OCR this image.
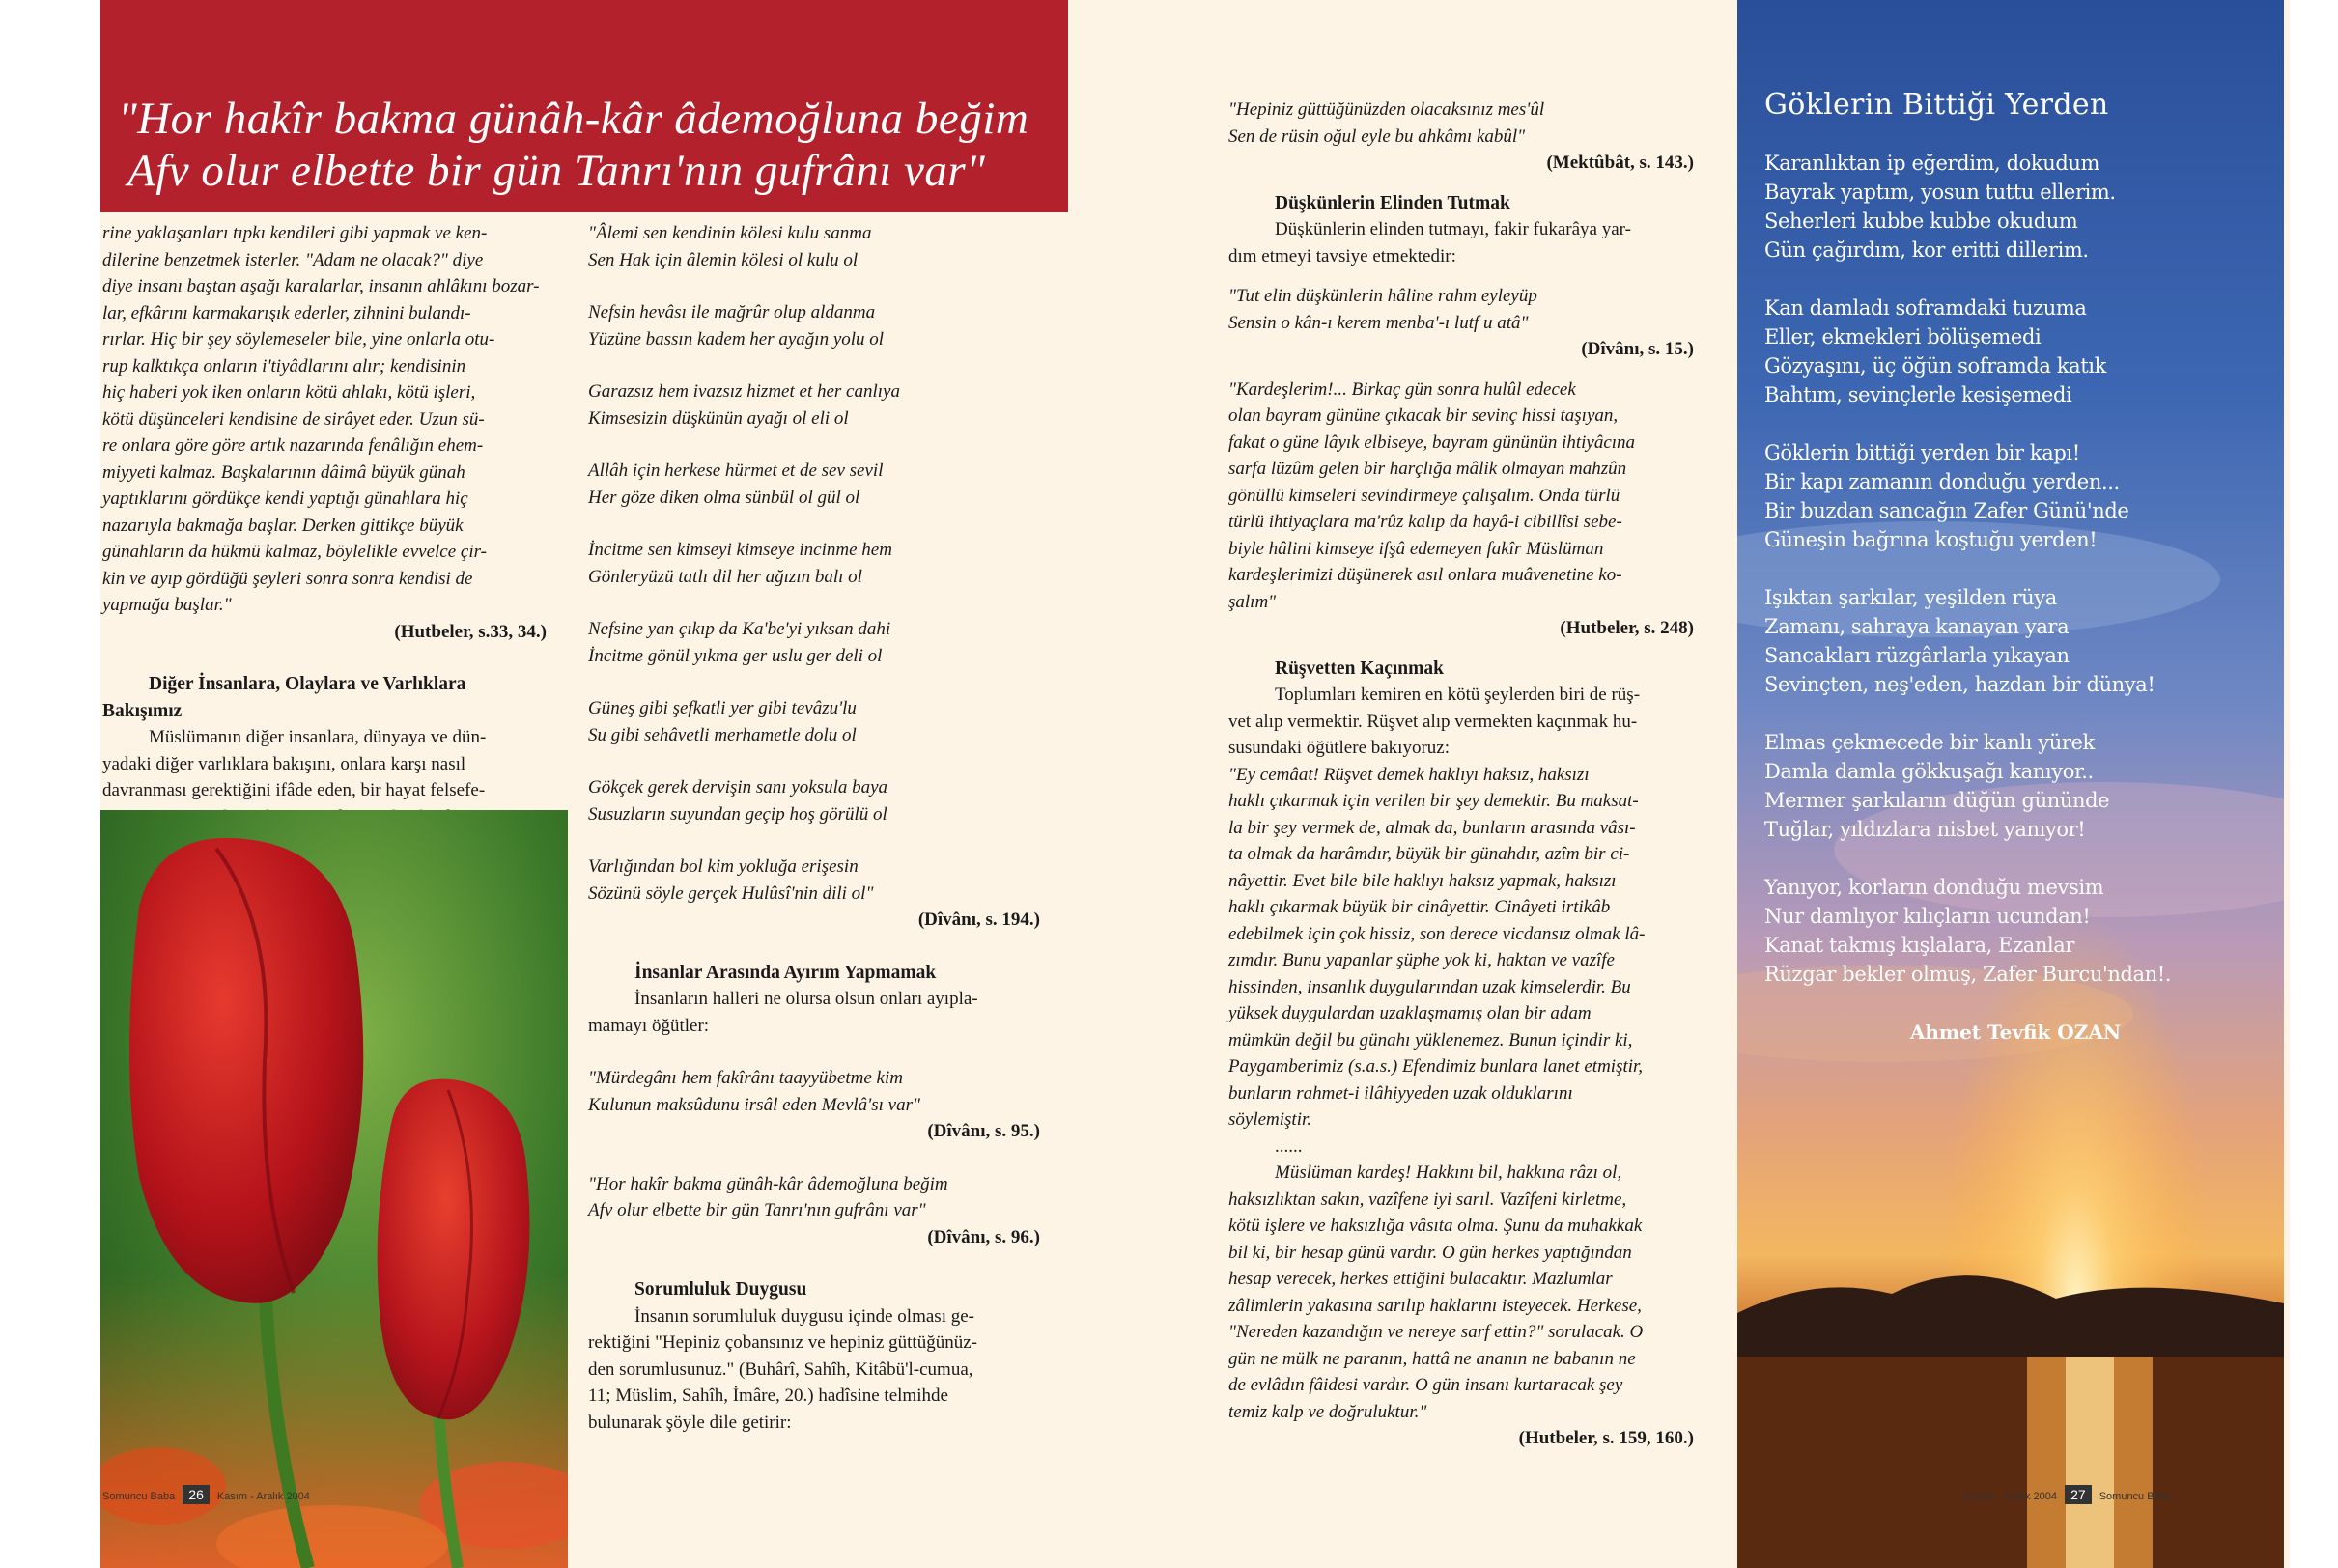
"Hor hakîr bakma günâh-kâr âdemoğluna beğim
Afv olur elbette bir gün Tanrı'nın gufrânı var"
rine yaklaşanları tıpkı kendileri gibi yapmak ve ken-
dilerine benzetmek isterler. "Adam ne olacak?" diye
diye insanı baştan aşağı karalarlar, insanın ahlâkını bozar-
lar, efkârını karmakarışık ederler, zihnini bulandı-
rırlar. Hiç bir şey söylemeseler bile, yine onlarla otu-
rup kalktıkça onların i'tiyâdlarını alır; kendisinin
hiç haberi yok iken onların kötü ahlakı, kötü işleri,
kötü düşünceleri kendisine de sirâyet eder. Uzun sü-
re onlara göre göre artık nazarında fenâlığın ehem-
miyyeti kalmaz. Başkalarının dâimâ büyük günah
yaptıklarını gördükçe kendi yaptığı günahlara hiç
nazarıyla bakmağa başlar. Derken gittikçe büyük
günahların da hükmü kalmaz, böylelikle evvelce çir-
kin ve ayıp gördüğü şeyleri sonra sonra kendisi de
yapmağa başlar."

(Hutbeler, s.33, 34.)

Diğer İnsanlara, Olaylara ve Varlıklara

Bakışımız

Müslümanın diğer insanlara, dünyaya ve dün-
yadaki diğer varlıklara bakışını, onlara karşı nasıl
davranması gerektiğini ifâde eden, bir hayat felsefe-
"Âlemi sen kendinin kölesi kulu sanma
Sen Hak için âlemin kölesi ol kulu ol
Nefsin hevâsı ile mağrûr olup aldanma
Yüzüne bassın kadem her ayağın yolu ol
Garazsız hem ivazsız hizmet et her canlıya
Kimsesizin düşkünün ayağı ol eli ol
Allâh için herkese hürmet et de sev sevil
Her göze diken olma sünbül ol gül ol
İncitme sen kimseyi kimseye incinme hem
Gönleryüzü tatlı dil her ağızın balı ol
Nefsine yan çıkıp da Ka'be'yi yıksan dahi
İncitme gönül yıkma ger uslu ger deli ol
Güneş gibi şefkatli yer gibi tevâzu'lu
Su gibi sehâvetli merhametle dolu ol
Gökçek gerek dervişin sanı yoksula baya
Susuzların suyundan geçip hoş görülü ol
Varlığından bol kim yokluğa erişesin
Sözünü söyle gerçek Hulûsî'nin dili ol"

(Dîvânı, s. 194.)

İnsanlar Arasında Ayırım Yapmamak

İnsanların halleri ne olursa olsun onları ayıpla-
mamayı öğütler:
"Mürdegânı hem fakîrânı taayyübetme kim
Kulunun maksûdunu irsâl eden Mevlâ'sı var"

(Dîvânı, s. 95.)

"Hor hakîr bakma günâh-kâr âdemoğluna beğim
Afv olur elbette bir gün Tanrı'nın gufrânı var"

(Dîvânı, s. 96.)

Sorumluluk Duygusu

İnsanın sorumluluk duygusu içinde olması ge-
rektiğini "Hepiniz çobansınız ve hepiniz güttüğünüz-
den sorumlusunuz." (Buhârî, Sahîh, Kitâbü'l-cumua,
11; Müslim, Sahîh, İmâre, 20.) hadîsine telmihde
bulunarak şöyle dile getirir:
Somuncu Baba 26 Kasım - Aralık 2004
"Hepiniz güttüğünüzden olacaksınız mes'ûl
Sen de rüsin oğul eyle bu ahkâmı kabûl"

(Mektûbât, s. 143.)

Düşkünlerin Elinden Tutmak

Düşkünlerin elinden tutmayı, fakir fukarâya yar-
dım etmeyi tavsiye etmektedir:
"Tut elin düşkünlerin hâline rahm eyleyüp
Sensin o kân-ı kerem menba'-ı lutf u atâ"

(Dîvânı, s. 15.)

"Kardeşlerim!... Birkaç gün sonra hulûl edecek
olan bayram gününe çıkacak bir sevinç hissi taşıyan,
fakat o güne lâyık elbiseye, bayram gününün ihtiyâcına
sarfa lüzûm gelen bir harçlığa mâlik olmayan mahzûn
gönüllü kimseleri sevindirmeye çalışalım. Onda türlü
türlü ihtiyaçlara ma'rûz kalıp da hayâ-i cibillîsi sebe-
biyle hâlini kimseye ifşâ edemeyen fakîr Müslüman
kardeşlerimizi düşünerek asıl onlara muâvenetine ko-
şalım"

(Hutbeler, s. 248)

Rüşvetten Kaçınmak

Toplumları kemiren en kötü şeylerden biri de rüş-
vet alıp vermektir. Rüşvet alıp vermekten kaçınmak hu-
susundaki öğütlere bakıyoruz:
"Ey cemâat! Rüşvet demek haklıyı haksız, haksızı
haklı çıkarmak için verilen bir şey demektir. Bu maksat-
la bir şey vermek de, almak da, bunların arasında vâsı-
ta olmak da harâmdır, büyük bir günahdır, azîm bir ci-
nâyettir. Evet bile bile haklıyı haksız yapmak, haksızı
haklı çıkarmak büyük bir cinâyettir. Cinâyeti irtikâb
edebilmek için çok hissiz, son derece vicdansız olmak lâ-
zımdır. Bunu yapanlar şüphe yok ki, haktan ve vazîfe
hissinden, insanlık duygularından uzak kimselerdir. Bu
yüksek duygulardan uzaklaşmamış olan bir adam
mümkün değil bu günahı yüklenemez. Bunun içindir ki,
Paygamberimiz (s.a.s.) Efendimiz bunlara lanet etmiştir,
bunların rahmet-i ilâhiyyeden uzak olduklarını
söylemiştir.

......

Müslüman kardeş! Hakkını bil, hakkına râzı ol,
haksızlıktan sakın, vazîfene iyi sarıl. Vazîfeni kirletme,
kötü işlere ve haksızlığa vâsıta olma. Şunu da muhakkak
bil ki, bir hesap günü vardır. O gün herkes yaptığından
hesap verecek, herkes ettiğini bulacaktır. Mazlumlar
zâlimlerin yakasına sarılıp haklarını isteyecek. Herkese,
"Nereden kazandığın ve nereye sarf ettin?" sorulacak. O
gün ne mülk ne paranın, hattâ ne ananın ne babanın ne
de evlâdın fâidesi vardır. O gün insanı kurtaracak şey
temiz kalp ve doğruluktur."

(Hutbeler, s. 159, 160.)

Göklerin Bittiği Yerden
Karanlıktan ip eğerdim, dokudum
Bayrak yaptım, yosun tuttu ellerim.
Seherleri kubbe kubbe okudum
Gün çağırdım, kor eritti dillerim.
Kan damladı soframdaki tuzuma
Eller, ekmekleri bölüşemedi
Gözyaşını, üç öğün soframda katık
Bahtım, sevinçlerle kesişemedi
Göklerin bittiği yerden bir kapı!
Bir kapı zamanın donduğu yerden...
Bir buzdan sancağın Zafer Günü'nde
Güneşin bağrına koştuğu yerden!
Işıktan şarkılar, yeşilden rüya
Zamanı, sahraya kanayan yara
Sancakları rüzgârlarla yıkayan
Sevinçten, neş'eden, hazdan bir dünya!
Elmas çekmecede bir kanlı yürek
Damla damla gökkuşağı kanıyor..
Mermer şarkıların düğün gününde
Tuğlar, yıldızlara nisbet yanıyor!
Yanıyor, korların donduğu mevsim
Nur damlıyor kılıçların ucundan!
Kanat takmış kışlalara, Ezanlar
Rüzgar bekler olmuş, Zafer Burcu'ndan!.
Ahmet Tevfik OZAN
Kasım - Aralık 2004 27 Somuncu Baba
